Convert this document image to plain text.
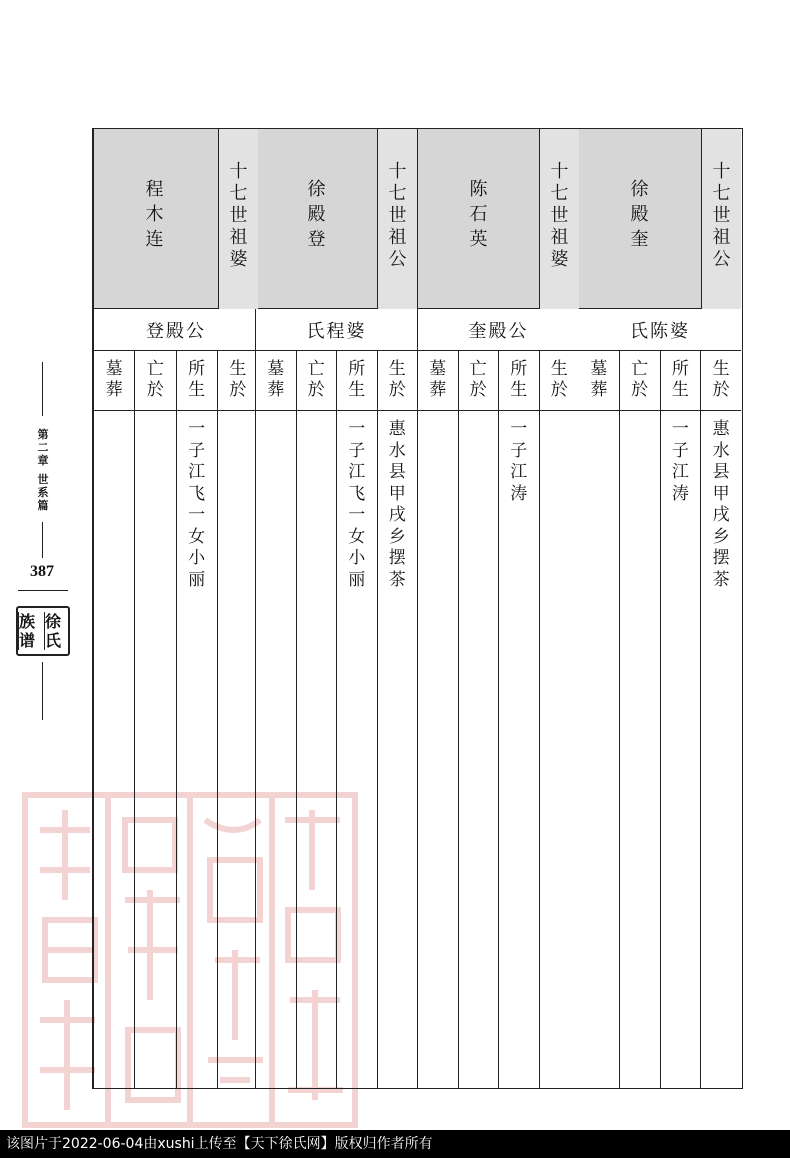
第
二
章

世
系
篇
387
徐
氏
族
谱
十
七
世
祖
公
徐
殿
奎
氏陈婆
生
於
惠
水
县
甲
戌
乡
摆
茶
所
生
一
子
江
涛
亡
於
墓
葬
十
七
世
祖
婆
陈
石
英
奎殿公
生
於
所
生
一
子
江
涛
亡
於
墓
葬
十
七
世
祖
公
徐
殿
登
氏程婆
生
於
惠
水
县
甲
戌
乡
摆
茶
所
生
一
子
江
飞
一
女
小
丽
亡
於
墓
葬
十
七
世
祖
婆
程
木
连
登殿公
生
於
所
生
一
子
江
飞
一
女
小
丽
亡
於
墓
葬
该图片于2022-06-04由xushi上传至【天下徐氏网】版权归作者所有
